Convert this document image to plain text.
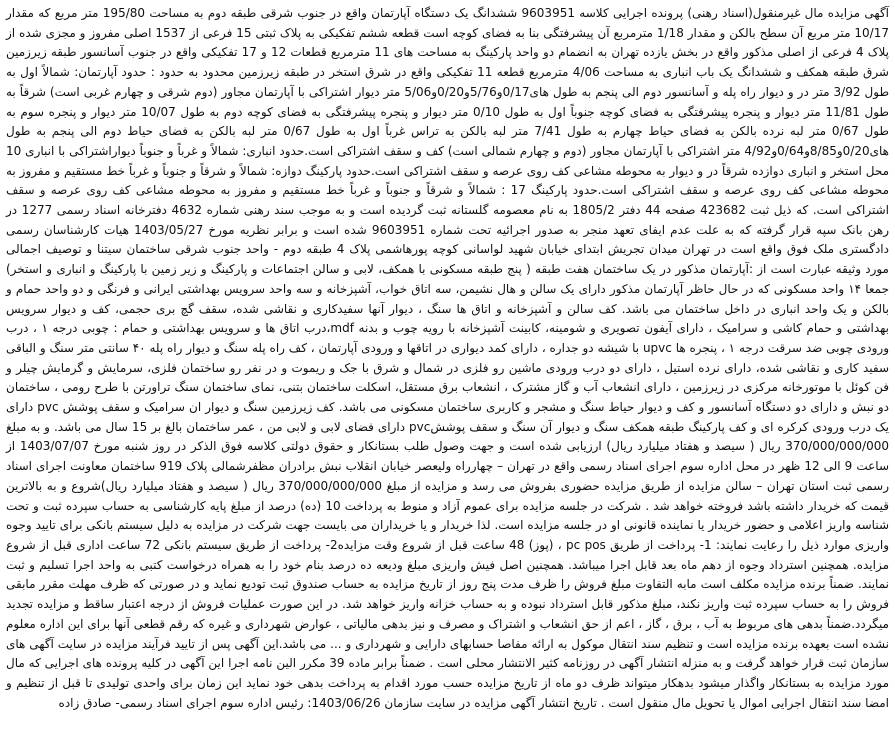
آگهی مزایده مال غیرمنقول(اسناد رهنی) پرونده اجرایی کلاسه 9603951 ششدانگ یک دستگاه آپارتمان واقع در جنوب شرقی طبقه دوم به مساحت 195/80 متر مربع که مقدار 10/17 متر مربع آن سطح بالکن و مقدار 1/18 مترمربع آن پیشرفتگی بنا به فضای کوچه است قطعه ششم تفکیکی به پلاک ثبتی 15 فرعی از 1537 اصلی مفروز و مجزی شده از پلاک 4 فرعی از اصلی مذکور واقع در بخش یازده تهران به انضمام دو واحد پارکینگ به مساحت های 11 مترمربع قطعات 12 و 17 تفکیکی واقع در جنوب آسانسور طبقه زیرزمین شرق طبقه همکف و ششدانگ یک باب انباری به مساحت 4/06 مترمربع قطعه 11 تفکیکی واقع در شرق استخر در طبقه زیرزمین محدود به حدود : حدود آپارتمان: شمالاً اول به طول 3/92 متر در و دیوار راه پله و آسانسور دوم الی پنجم به طول های0/17و5/76و0/20و5/06 متر دیوار اشتراکی با آپارتمان مجاور (دوم شرقی و چهارم غربی است) شرقاً به طول 11/81 متر دیوار و پنجره پیشرفتگی به فضای کوچه جنوباً اول به طول 0/10 متر دیوار و پنجره پیشرفتگی به فضای کوچه دوم به طول 10/07 متر دیوار و پنجره سوم به طول 0/67 متر لبه نرده بالکن به فضای حیاط چهارم به طول 7/41 متر لبه بالکن به تراس غرباً اول به طول 0/67 متر لبه بالکن به فضای حیاط دوم الی پنجم به طول های0/20و8/85و0/64و4/92 متر اشتراکی با آپارتمان مجاور (دوم و چهارم شمالی است) کف و سقف اشتراکی است.حدود انباری: شمالاً و غرباً و جنوباً دیواراشتراکی با انباری 10 محل استخر و انباری دوازده شرقاً در و دیوار به محوطه مشاعی کف روی عرصه و سقف اشتراکی است.حدود پارکینگ دوازه: شمالاً و شرقاً و جنوباً و غرباً خط مستقیم و مفروز به محوطه مشاعی کف روی عرصه و سقف اشتراکی است.حدود پارکینگ 17 : شمالاً و شرقاً و جنوباً و غرباً خط مستقیم و مفروز به محوطه مشاعی کف روی عرصه و سقف اشتراکی است. که ذیل ثبت 423682 صفحه 44 دفتر 1805/2 به نام معصومه گلستانه ثبت گردیده است و به موجب سند رهنی شماره 4632 دفترخانه اسناد رسمی 1277 در رهن بانک سپه قرار گرفته که به علت عدم ایفای تعهد منجر به صدور اجرائیه تحت شماره 9603951 شده است و برابر نظریه مورخ 1403/05/27 هیات کارشناسان رسمی دادگستری ملک فوق واقع است در تهران میدان تجریش ابتدای خیابان شهید لواسانی کوچه پورهاشمی پلاک 4 طبقه دوم - واحد جنوب شرقی ساختمان سیتنا و توصیف اجمالی مورد وثیقه عبارت است از :آپارتمان مذکور در یک ساختمان هفت طبقه ( پنج طبقه مسکونی با همکف، لابی و سالن اجتماعات و پارکینگ و زیر زمین با پارکینگ و انباری و استخر) جمعا ۱۴ واحد مسکونی که در حال حاظر آپارتمان مذکور دارای یک سالن و هال نشیمن، سه اتاق خواب، آشپزخانه و سه واحد سرویس بهداشتی ایرانی و فرنگی و دو واحد حمام و بالکن و یک واحد انباری در داخل ساختمان می باشد. کف سالن و آشپزخانه و اتاق ها سنگ ، دیوار آنها سفیدکاری و نقاشی شده، سقف گچ بری حجمی، کف و دیوار سرویس بهداشتی و حمام کاشی و سرامیک ، دارای آیفون تصویری و شومینه، کابینت آشپزخانه با رویه چوب و بدنه mdf،درب اتاق ها و سرویس بهداشتی و حمام : چوبی درجه ۱ ، درب ورودی چوبی ضد سرقت درجه ۱ ، پنجره ها upvc با شیشه دو جداره ، دارای کمد دیواری در اتاقها و ورودی آپارتمان ، کف راه پله سنگ و دیوار راه پله ۴۰ سانتی متر سنگ و الباقی سفید کاری و نقاشی شده، دارای نرده استیل ، دارای دو درب ورودی ماشین رو فلزی در شمال و شرق با جک و ریموت و در نفر رو ساختمان فلزی، سرمایش و گرمایش چیلر و فن کوئل با موتورخانه مرکزی در زیرزمین ، دارای انشعاب آب و گاز مشترک ، انشعاب برق مستقل، اسکلت ساختمان بتنی، نمای ساختمان سنگ تراورتن با طرح رومی ، ساختمان دو نبش و دارای دو دستگاه آسانسور و کف و دیوار حیاط سنگ و مشجر و کاربری ساختمان مسکونی می باشد. کف زیرزمین سنگ و دیوار ان سرامیک و سقف پوشش pvc دارای یک درب ورودی کرکره ای و کف پارکینگ طبقه همکف سنگ و دیوار آن سنگ و سقف پوششpvc دارای فضای لابی و لابی من ، عمر ساختمان بالغ بر 15 سال می باشد. و به مبلغ 370/000/000/000 ریال ( سیصد و هفتاد میلیارد ریال) ارزیابی شده است و جهت وصول طلب بستانکار و حقوق دولتی کلاسه فوق الذکر در روز شنبه مورخ 1403/07/07 از ساعت 9 الی 12 ظهر در محل اداره سوم اجرای اسناد رسمی واقع در تهران – چهارراه ولیعصر خیابان انقلاب نبش برادران مظفرشمالی پلاک 919 ساختمان معاونت اجرای اسناد رسمی ثبت استان تهران – سالن مزایده از طریق مزایده حضوری بفروش می رسد و مزایده از مبلغ 370/000/000/000 ریال ( سیصد و هفتاد میلیارد ریال)شروع و به بالاترین قیمت که خریدار داشته باشد فروخته خواهد شد . شرکت در جلسه مزایده برای عموم آزاد و منوط به پرداخت 10 (ده) درصد از مبلغ پایه کارشناسی به حساب سپرده ثبت و تحت شناسه واریز اعلامی و حضور خریدار یا نماینده قانونی او در جلسه مزایده است. لذا خریدار و یا خریداران می بایست جهت شرکت در مزایده به دلیل سیستم بانکی برای تایید وجوه واریزی موارد ذیل را رعایت نمایند: 1- پرداخت از طریق pc pos ، (پوز) 48 ساعت قبل از شروع وقت مزایده2- پرداخت از طریق سیستم بانکی 72 ساعت اداری قبل از شروع مزایده. همچنین استرداد وجوه از دهم ماه بعد قابل اجرا میباشد. همچنین اصل فیش واریزی مبلغ ودیعه ده درصد بنام خود را به همراه درخواست کتبی به واحد اجرا تسلیم و ثبت نمایند. ضمناً برنده مزایده مکلف است مابه التفاوت مبلغ فروش را ظرف مدت پنج روز از تاریخ مزایده به حساب صندوق ثبت تودیع نماید و در صورتی که ظرف مهلت مقرر مابقی فروش را به حساب سپرده ثبت واریز نکند، مبلغ مذکور قابل استرداد نبوده و به حساب خزانه واریز خواهد شد. در این صورت عملیات فروش از درجه اعتبار ساقط و مزایده تجدید میگردد.ضمناً بدهی های مربوط به آب ، برق ، گاز ، اعم از حق انشعاب و اشتراک و مصرف و نیز بدهی مالیاتی ، عوارض شهرداری و غیره که رقم قطعی آنها برای این اداره معلوم نشده است بعهده برنده مزایده است و تنظیم سند انتقال موکول به ارائه مفاصا حسابهای دارایی و شهرداری و ... می باشد.این آگهی پس از تایید فرآیند مزایده در سایت آگهی های سازمان ثبت قرار خواهد گرفت و به منزله انتشار آگهی در روزنامه کثیر الانتشار محلی است . ضمناً برابر ماده 39 مکرر الین نامه اجرا این آگهی در کلیه پرونده های اجرایی که مال مورد مزایده به بستانکار واگذار میشود بدهکار میتواند ظرف دو ماه از تاریخ مزایده حسب مورد اقدام به پرداخت بدهی خود نماید این زمان برای واحدی تولیدی تا قبل از تنظیم و امضا سند انتقال اجرایی اموال یا تحویل مال منقول است . تاریخ انتشار آگهی مزایده در سایت سازمان 1403/06/26: رئیس اداره سوم اجرای اسناد رسمی- صادق زاده
